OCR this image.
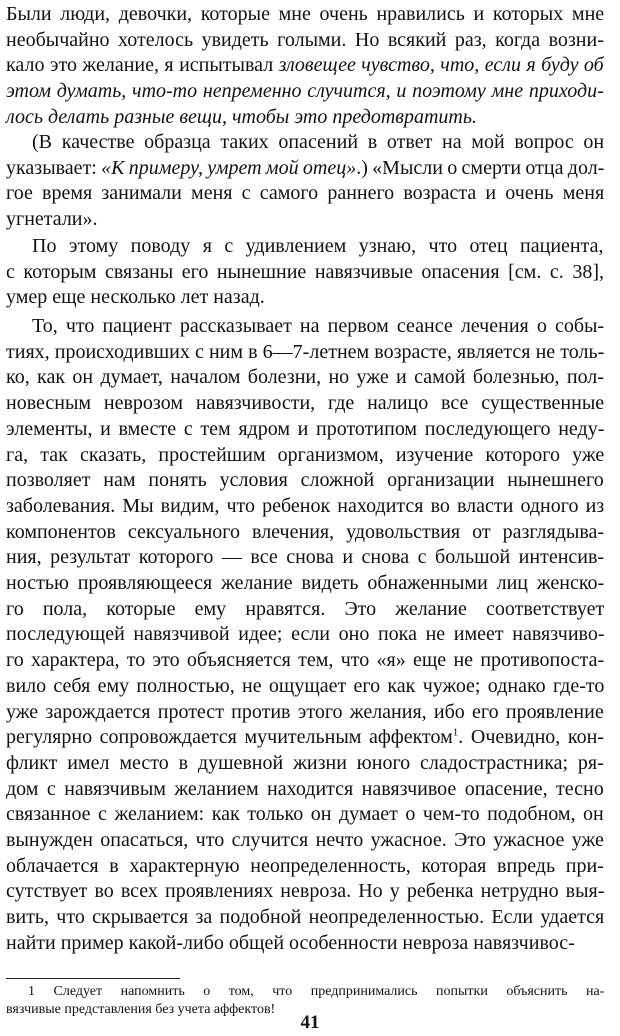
Были люди, девочки, которые мне очень нравились и которых мне
необычайно хотелось увидеть голыми. Но всякий раз, когда возни-
кало это желание, я испытывал зловещее чувство, что, если я буду об
этом думать, что-то непременно случится, и поэтому мне приходи-
лось делать разные вещи, чтобы это предотвратить.
(В качестве образца таких опасений в ответ на мой вопрос он
указывает: «К примеру, умрет мой отец».) «Мысли о смерти отца дол-
гое время занимали меня с самого раннего возраста и очень меня
угнетали».
По этому поводу я с удивлением узнаю, что отец пациента,
с которым связаны его нынешние навязчивые опасения [см. с. 38],
умер еще несколько лет назад.
То, что пациент рассказывает на первом сеансе лечения о собы-
тиях, происходивших с ним в 6—7-летнем возрасте, является не толь-
ко, как он думает, началом болезни, но уже и самой болезнью, пол-
новесным неврозом навязчивости, где налицо все существенные
элементы, и вместе с тем ядром и прототипом последующего неду-
га, так сказать, простейшим организмом, изучение которого уже
позволяет нам понять условия сложной организации нынешнего
заболевания. Мы видим, что ребенок находится во власти одного из
компонентов сексуального влечения, удовольствия от разглядыва-
ния, результат которого — все снова и снова с большой интенсив-
ностью проявляющееся желание видеть обнаженными лиц женско-
го пола, которые ему нравятся. Это желание соответствует
последующей навязчивой идее; если оно пока не имеет навязчиво-
го характера, то это объясняется тем, что «я» еще не противопоста-
вило себя ему полностью, не ощущает его как чужое; однако где-то
уже зарождается протест против этого желания, ибо его проявление
регулярно сопровождается мучительным аффектом$^1$. Очевидно, кон-
фликт имел место в душевной жизни юного сладострастника; ря-
дом с навязчивым желанием находится навязчивое опасение, тесно
связанное с желанием: как только он думает о чем-то подобном, он
вынужден опасаться, что случится нечто ужасное. Это ужасное уже
облачается в характерную неопределенность, которая впредь при-
сутствует во всех проявлениях невроза. Но у ребенка нетрудно выя-
вить, что скрывается за подобной неопределенностью. Если удается
найти пример какой-либо общей особенности невроза навязчивос-
1 Следует напомнить о том, что предпринимались попытки объяснить на-
вязчивые представления без учета аффектов!
41
